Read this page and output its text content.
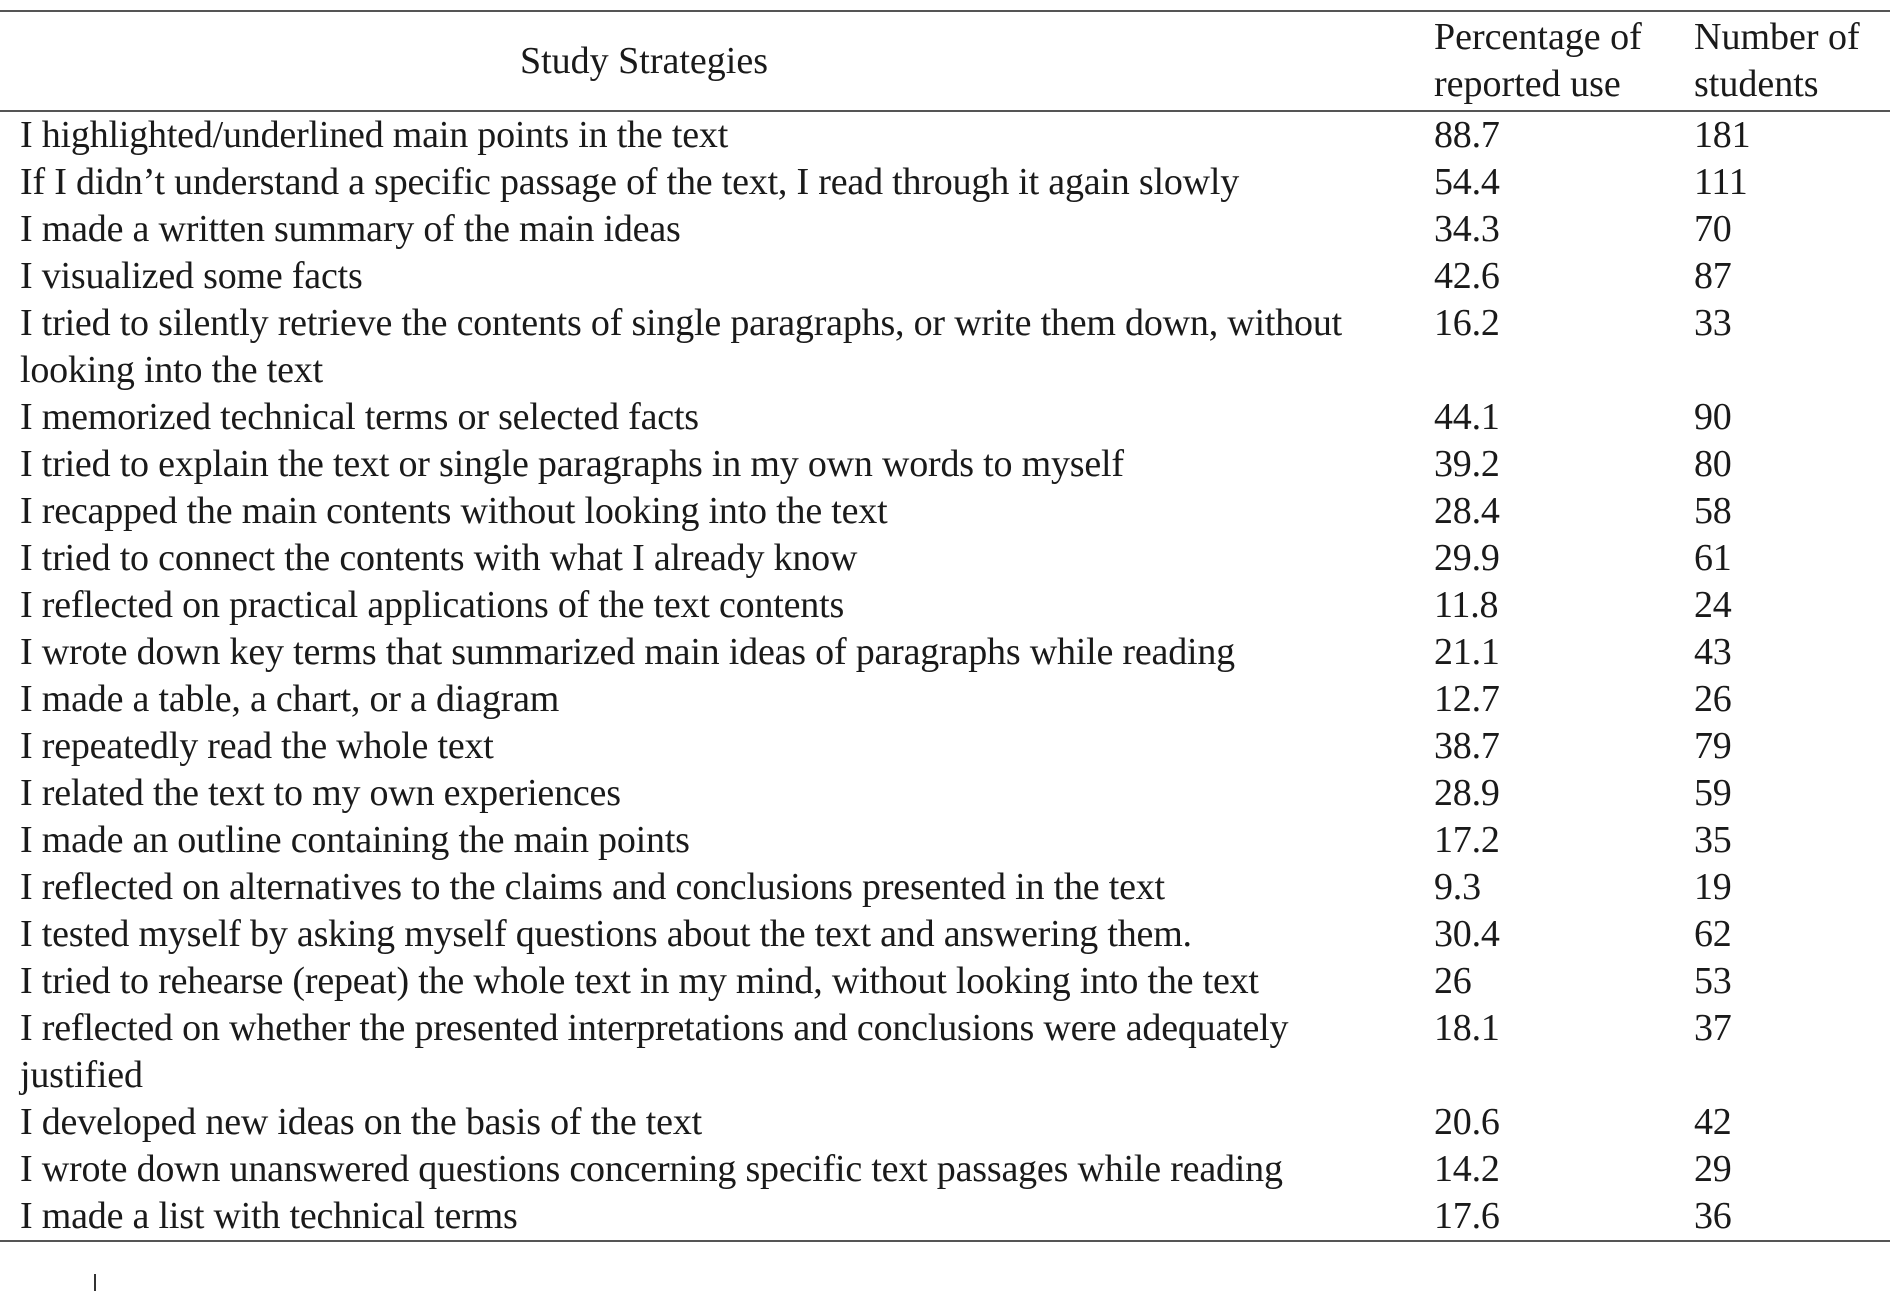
Study Strategies	Percentage of reported use	Number of students
I highlighted/underlined main points in the text	88.7	181
If I didn’t understand a specific passage of the text, I read through it again slowly	54.4	111
I made a written summary of the main ideas	34.3	70
I visualized some facts	42.6	87
I tried to silently retrieve the contents of single paragraphs, or write them down, without looking into the text	16.2	33
I memorized technical terms or selected facts	44.1	90
I tried to explain the text or single paragraphs in my own words to myself	39.2	80
I recapped the main contents without looking into the text	28.4	58
I tried to connect the contents with what I already know	29.9	61
I reflected on practical applications of the text contents	11.8	24
I wrote down key terms that summarized main ideas of paragraphs while reading	21.1	43
I made a table, a chart, or a diagram	12.7	26
I repeatedly read the whole text	38.7	79
I related the text to my own experiences	28.9	59
I made an outline containing the main points	17.2	35
I reflected on alternatives to the claims and conclusions presented in the text	9.3	19
I tested myself by asking myself questions about the text and answering them.	30.4	62
I tried to rehearse (repeat) the whole text in my mind, without looking into the text	26	53
I reflected on whether the presented interpretations and conclusions were adequately justified	18.1	37
I developed new ideas on the basis of the text	20.6	42
I wrote down unanswered questions concerning specific text passages while reading	14.2	29
I made a list with technical terms	17.6	36
